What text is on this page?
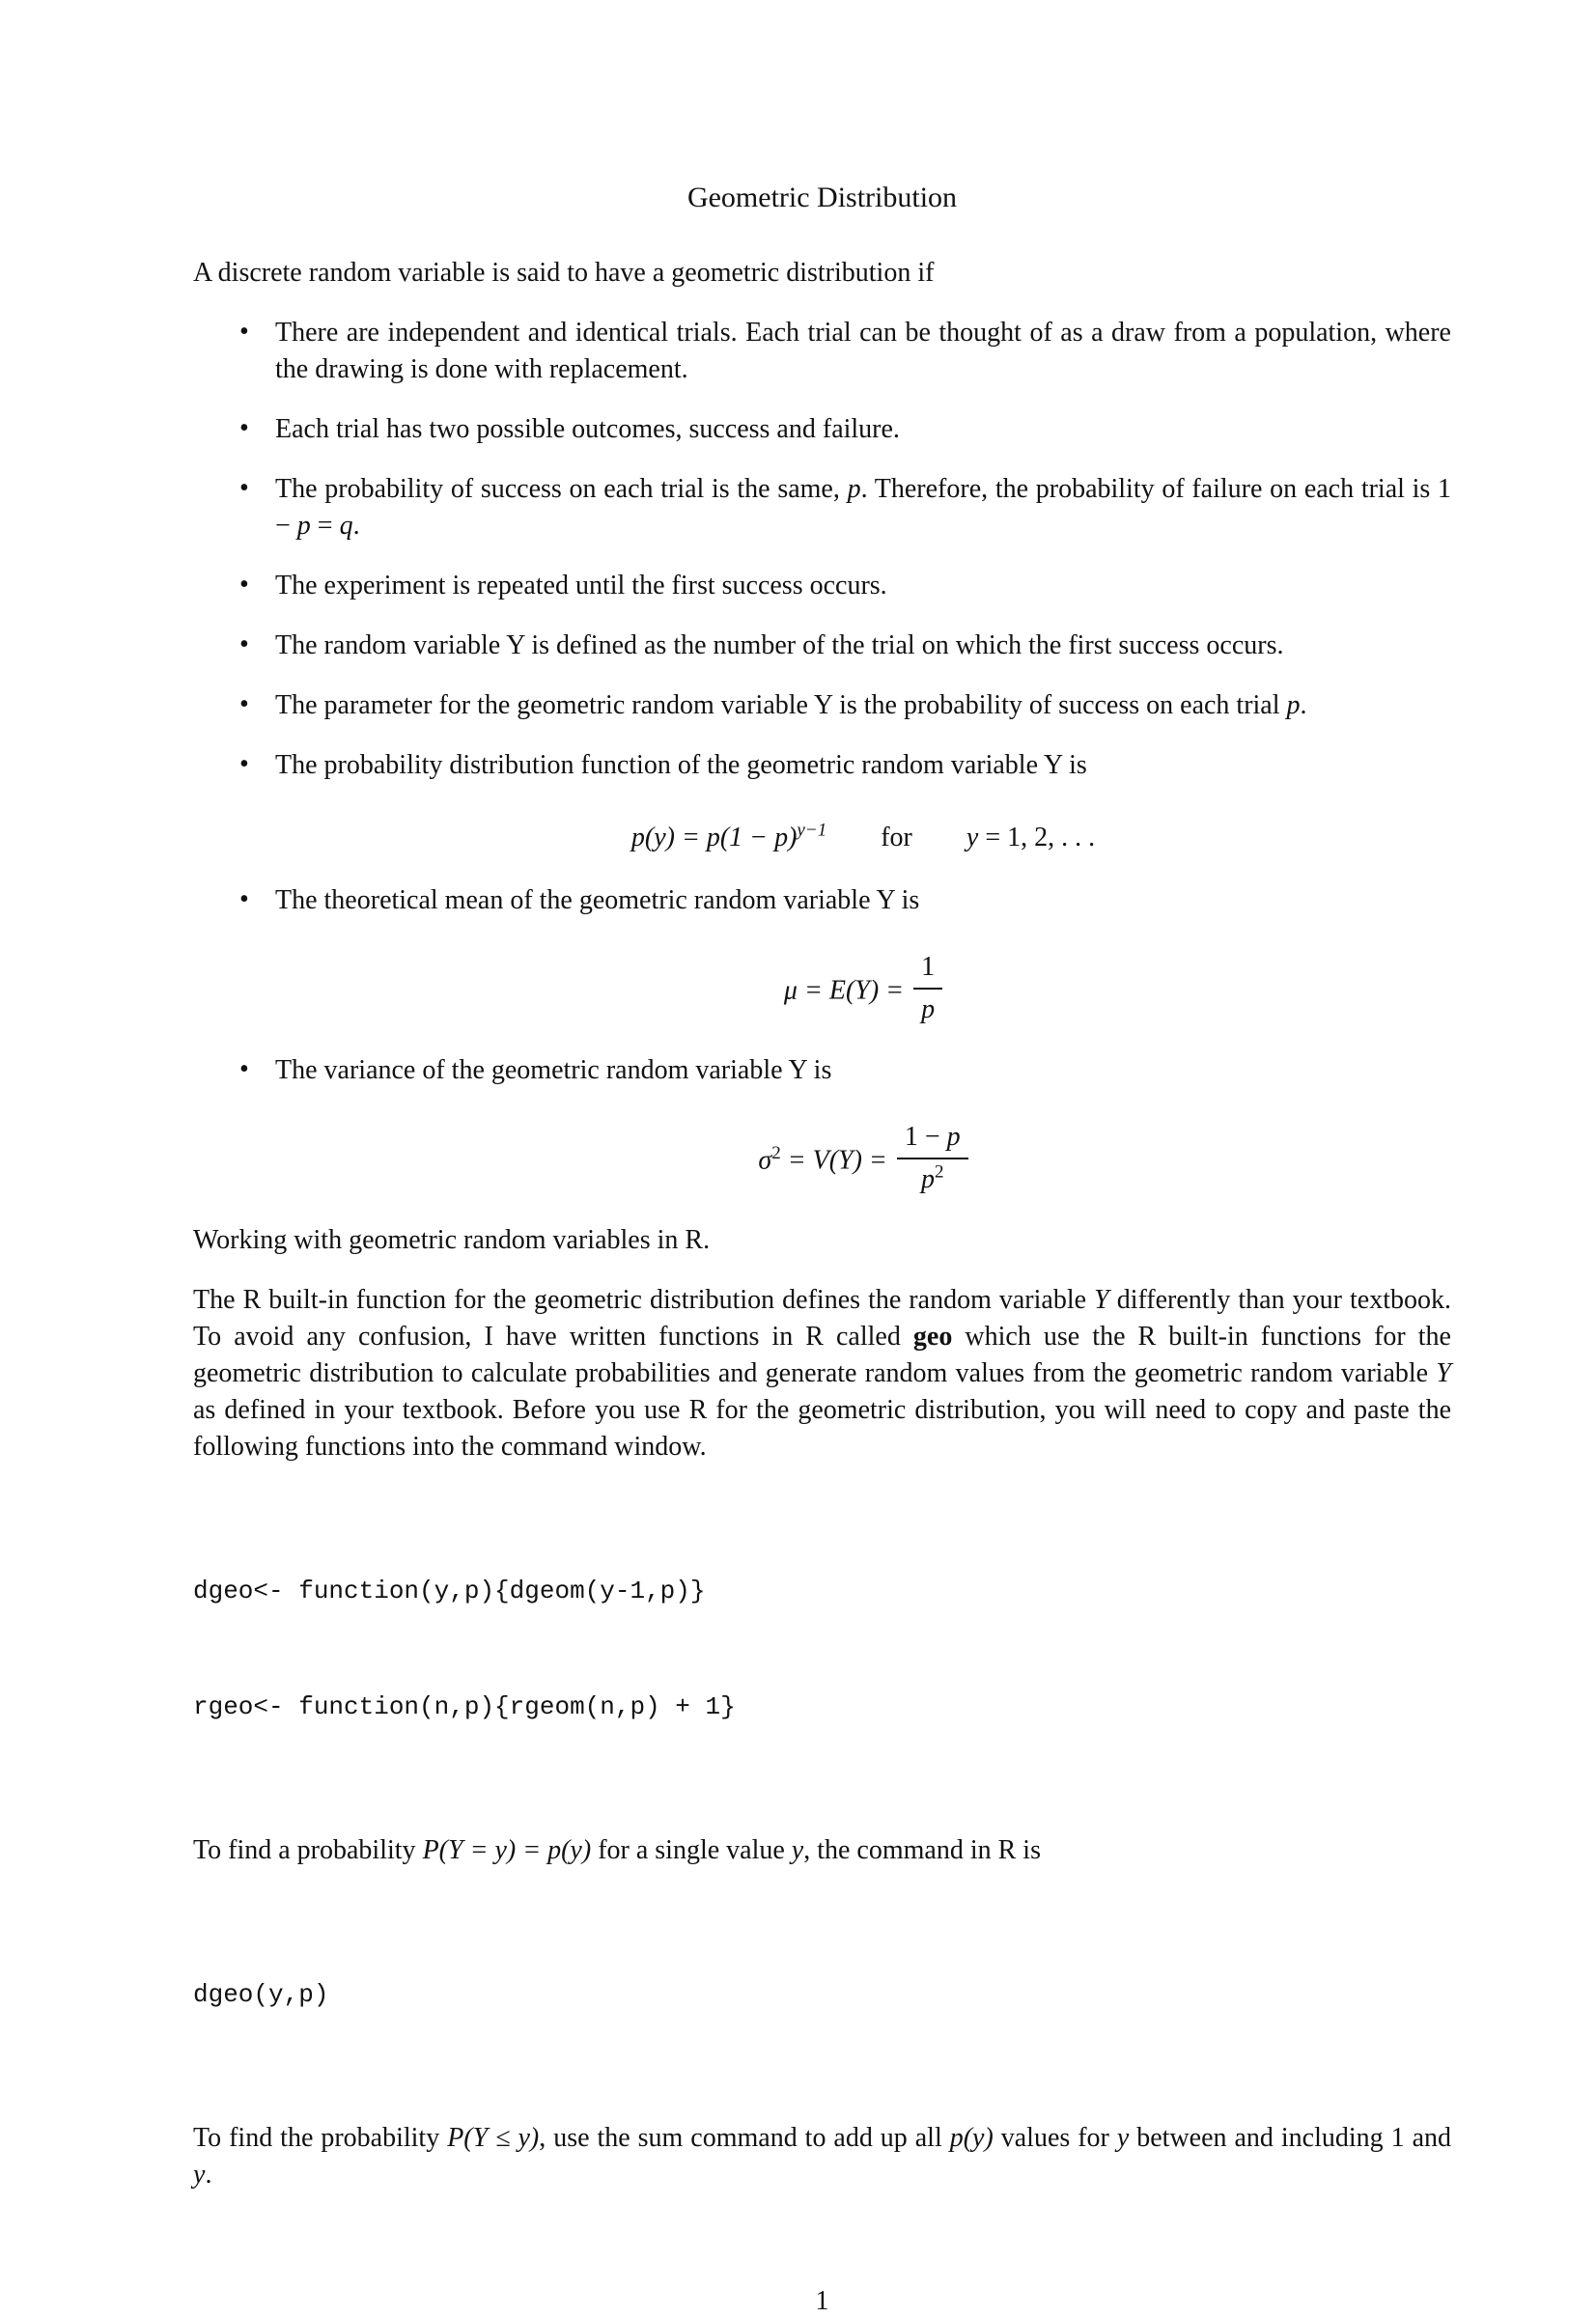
Geometric Distribution

A discrete random variable is said to have a geometric distribution if

• There are independent and identical trials. Each trial can be thought of as a draw from a population, where the drawing is done with replacement.
• Each trial has two possible outcomes, success and failure.
• The probability of success on each trial is the same, p. Therefore, the probability of failure on each trial is 1 − p = q.
• The experiment is repeated until the first success occurs.
• The random variable Y is defined as the number of the trial on which the first success occurs.
• The parameter for the geometric random variable Y is the probability of success on each trial p.
• The probability distribution function of the geometric random variable Y is
$p(y) = p(1 - p)^{y-1}$ for y = 1, 2, . . .
• The theoretical mean of the geometric random variable Y is
$\mu = E(Y) = \frac{1}{p}$
• The variance of the geometric random variable Y is
$\sigma^2 = V(Y) = \frac{1 - p}{p^2}$

Working with geometric random variables in R.

The R built-in function for the geometric distribution defines the random variable Y differently than your textbook. To avoid any confusion, I have written functions in R called geo which use the R built-in functions for the geometric distribution to calculate probabilities and generate random values from the geometric random variable Y as defined in your textbook. Before you use R for the geometric distribution, you will need to copy and paste the following functions into the command window.

dgeo<- function(y,p){dgeom(y-1,p)}

rgeo<- function(n,p){rgeom(n,p) + 1}

To find a probability P(Y = y) = p(y) for a single value y, the command in R is

dgeo(y,p)

To find the probability P(Y ≤ y), use the sum command to add up all p(y) values for y between and including 1 and y.

1
